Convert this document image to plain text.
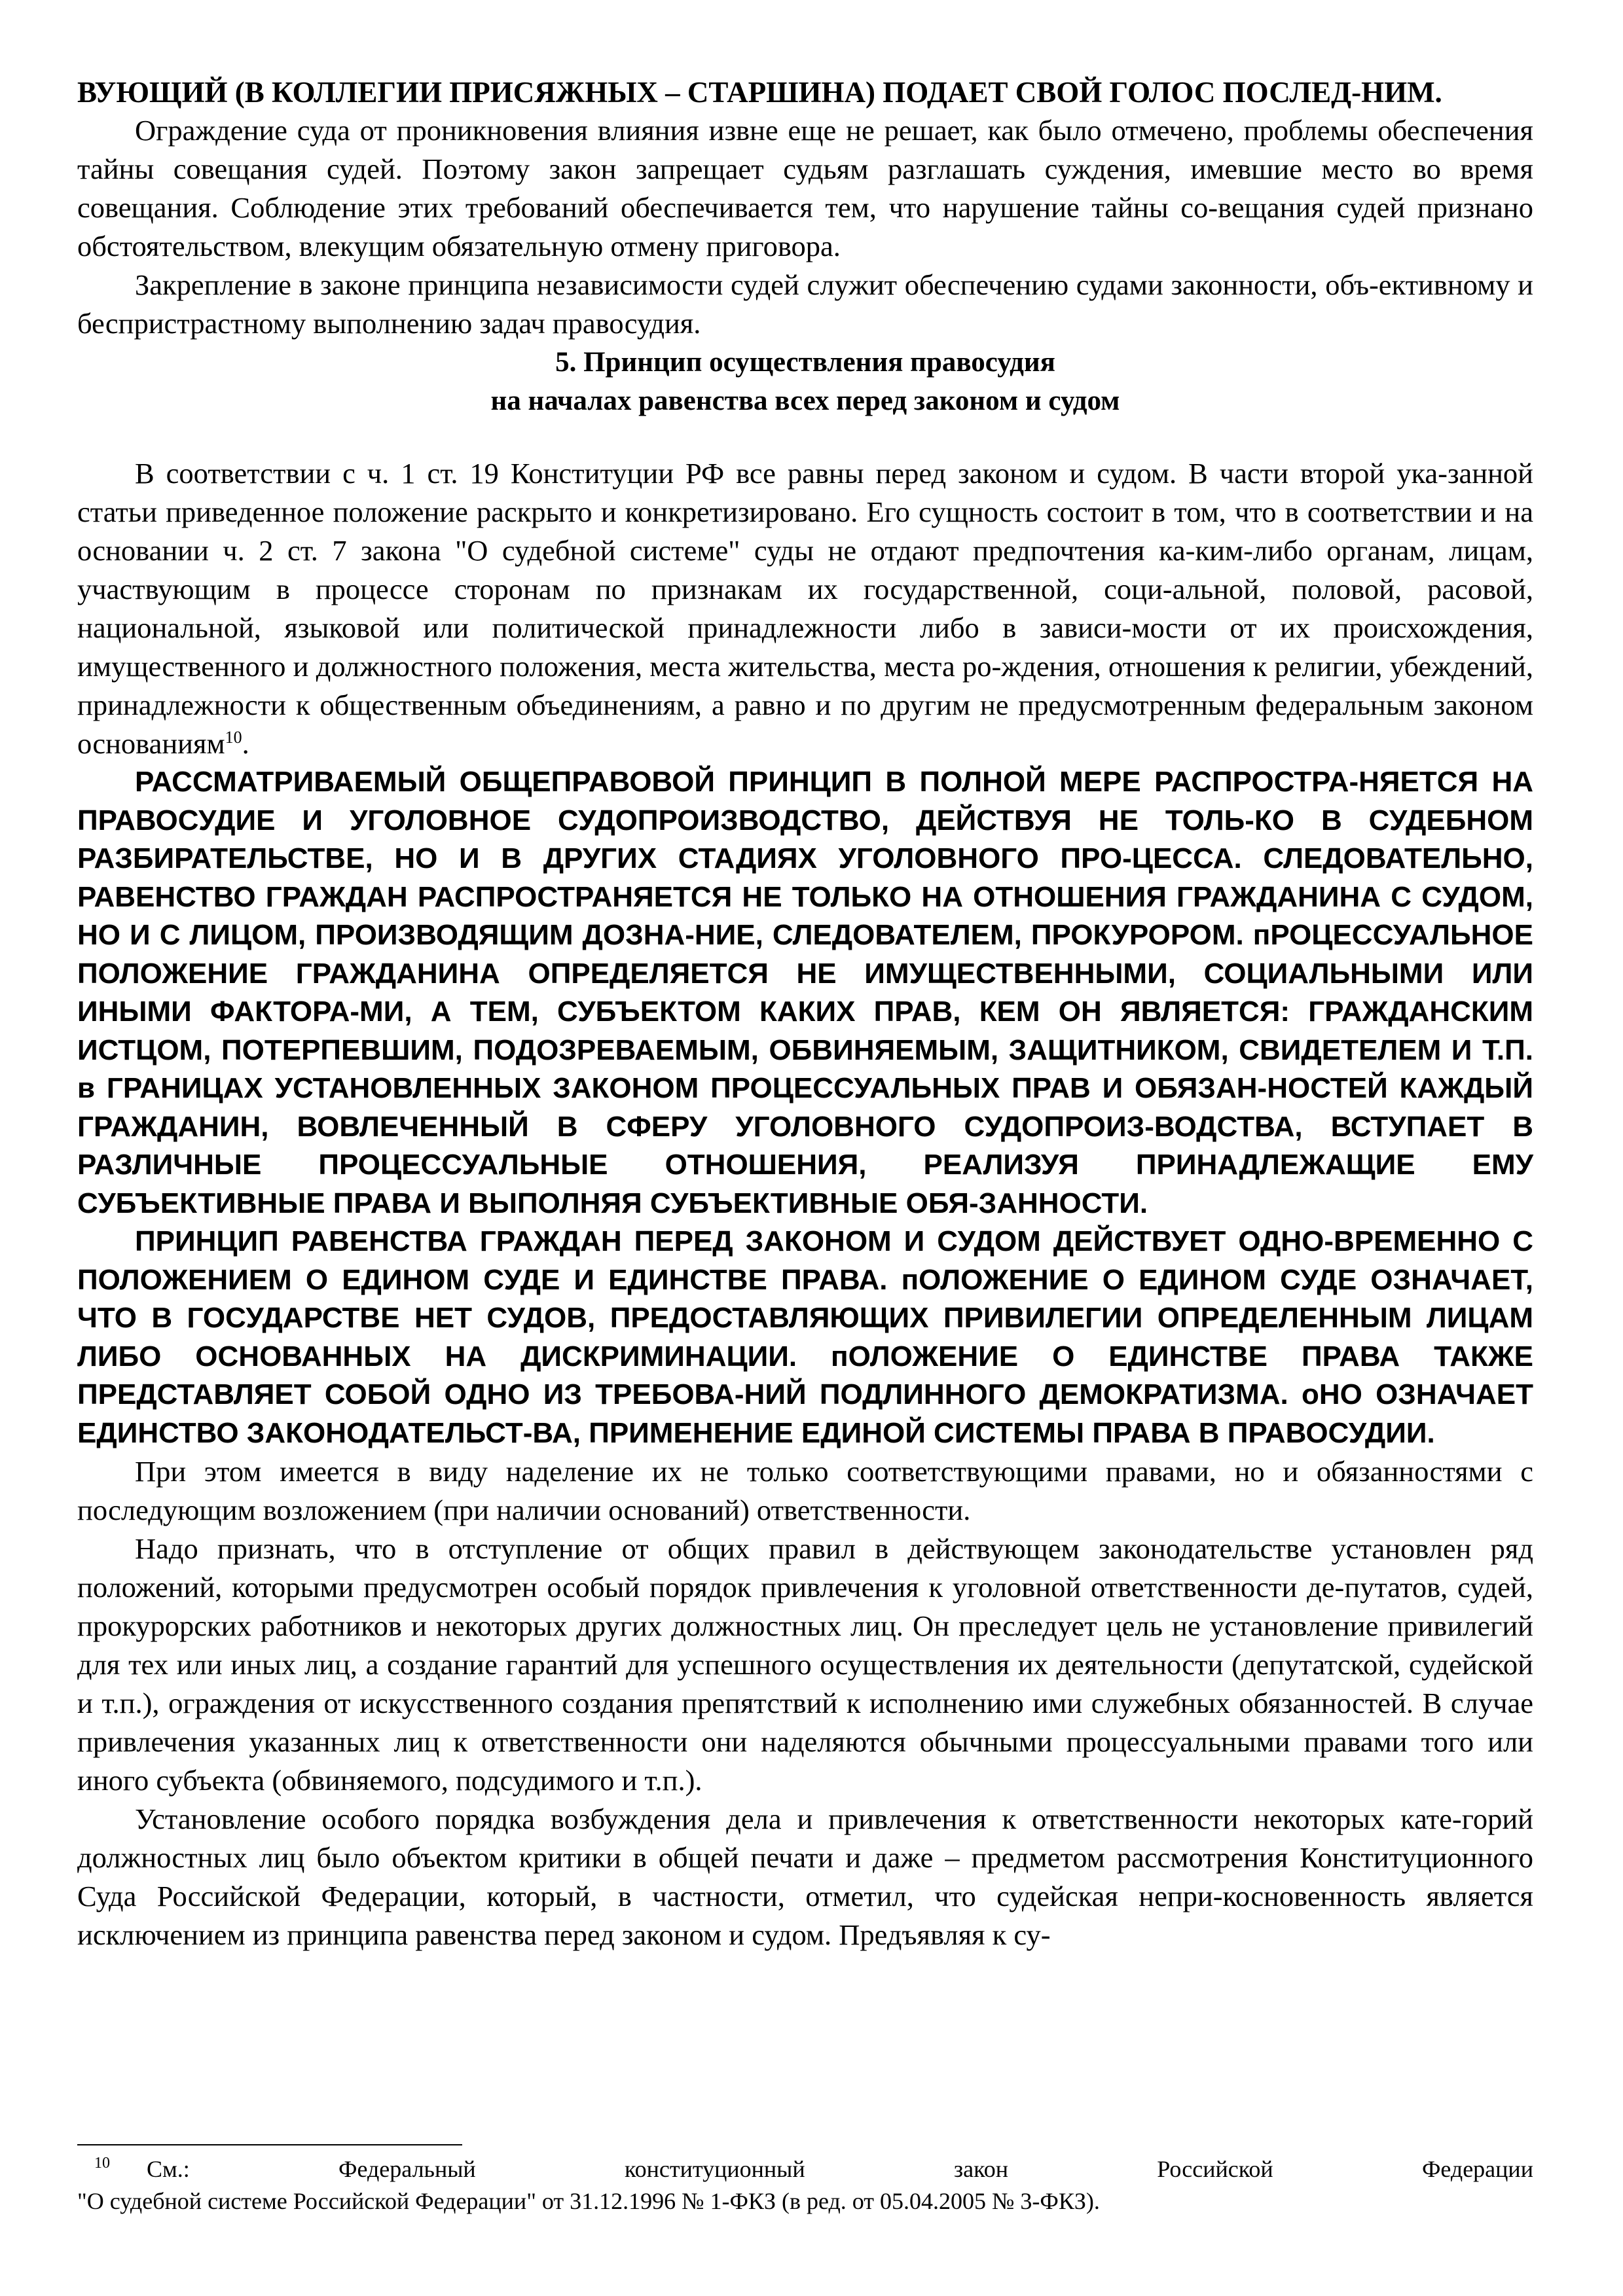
ВУЮЩИЙ (В КОЛЛЕГИИ ПРИСЯЖНЫХ – СТАРШИНА) ПОДАЕТ СВОЙ ГОЛОС ПОСЛЕД-НИМ.

Ограждение суда от проникновения влияния извне еще не решает, как было отмечено, проблемы обеспечения тайны совещания судей. Поэтому закон запрещает судьям разглашать суждения, имевшие место во время совещания. Соблюдение этих требований обеспечивается тем, что нарушение тайны со-вещания судей признано обстоятельством, влекущим обязательную отмену приговора.

Закрепление в законе принципа независимости судей служит обеспечению судами законности, объ-ективному и беспристрастному выполнению задач правосудия.

5. Принцип осуществления правосудия

на началах равенства всех перед законом и судом

В соответствии с ч. 1 ст. 19 Конституции РФ все равны перед законом и судом. В части второй ука-занной статьи приведенное положение раскрыто и конкретизировано. Его сущность состоит в том, что в соответствии и на основании ч. 2 ст. 7 закона "О судебной системе" суды не отдают предпочтения ка-ким-либо органам, лицам, участвующим в процессе сторонам по признакам их государственной, соци-альной, половой, расовой, национальной, языковой или политической принадлежности либо в зависи-мости от их происхождения, имущественного и должностного положения, места жительства, места ро-ждения, отношения к религии, убеждений, принадлежности к общественным объединениям, а равно и по другим не предусмотренным федеральным законом основаниям$^{10}$.

РАССМАТРИВАЕМЫЙ ОБЩЕПРАВОВОЙ ПРИНЦИП В ПОЛНОЙ МЕРЕ РАСПРОСТРА-НЯЕТСЯ НА ПРАВОСУДИЕ И УГОЛОВНОЕ СУДОПРОИЗВОДСТВО, ДЕЙСТВУЯ НЕ ТОЛЬ-КО В СУДЕБНОМ РАЗБИРАТЕЛЬСТВЕ, НО И В ДРУГИХ СТАДИЯХ УГОЛОВНОГО ПРО-ЦЕССА. СЛЕДОВАТЕЛЬНО, РАВЕНСТВО ГРАЖДАН РАСПРОСТРАНЯЕТСЯ НЕ ТОЛЬКО НА ОТНОШЕНИЯ ГРАЖДАНИНА С СУДОМ, НО И С ЛИЦОМ, ПРОИЗВОДЯЩИМ ДОЗНА-НИЕ, СЛЕДОВАТЕЛЕМ, ПРОКУРОРОМ. пРОЦЕССУАЛЬНОЕ ПОЛОЖЕНИЕ ГРАЖДАНИНА ОПРЕДЕЛЯЕТСЯ НЕ ИМУЩЕСТВЕННЫМИ, СОЦИАЛЬНЫМИ ИЛИ ИНЫМИ ФАКТОРА-МИ, А ТЕМ, СУБЪЕКТОМ КАКИХ ПРАВ, КЕМ ОН ЯВЛЯЕТСЯ: ГРАЖДАНСКИМ ИСТЦОМ, ПОТЕРПЕВШИМ, ПОДОЗРЕВАЕМЫМ, ОБВИНЯЕМЫМ, ЗАЩИТНИКОМ, СВИДЕТЕЛЕМ И Т.П. в ГРАНИЦАХ УСТАНОВЛЕННЫХ ЗАКОНОМ ПРОЦЕССУАЛЬНЫХ ПРАВ И ОБЯЗАН-НОСТЕЙ КАЖДЫЙ ГРАЖДАНИН, ВОВЛЕЧЕННЫЙ В СФЕРУ УГОЛОВНОГО СУДОПРОИЗ-ВОДСТВА, ВСТУПАЕТ В РАЗЛИЧНЫЕ ПРОЦЕССУАЛЬНЫЕ ОТНОШЕНИЯ, РЕАЛИЗУЯ ПРИНАДЛЕЖАЩИЕ ЕМУ СУБЪЕКТИВНЫЕ ПРАВА И ВЫПОЛНЯЯ СУБЪЕКТИВНЫЕ ОБЯ-ЗАННОСТИ.

ПРИНЦИП РАВЕНСТВА ГРАЖДАН ПЕРЕД ЗАКОНОМ И СУДОМ ДЕЙСТВУЕТ ОДНО-ВРЕМЕННО С ПОЛОЖЕНИЕМ О ЕДИНОМ СУДЕ И ЕДИНСТВЕ ПРАВА. пОЛОЖЕНИЕ О ЕДИНОМ СУДЕ ОЗНАЧАЕТ, ЧТО В ГОСУДАРСТВЕ НЕТ СУДОВ, ПРЕДОСТАВЛЯЮЩИХ ПРИВИЛЕГИИ ОПРЕДЕЛЕННЫМ ЛИЦАМ ЛИБО ОСНОВАННЫХ НА ДИСКРИМИНАЦИИ. пОЛОЖЕНИЕ О ЕДИНСТВЕ ПРАВА ТАКЖЕ ПРЕДСТАВЛЯЕТ СОБОЙ ОДНО ИЗ ТРЕБОВА-НИЙ ПОДЛИННОГО ДЕМОКРАТИЗМА. оНО ОЗНАЧАЕТ ЕДИНСТВО ЗАКОНОДАТЕЛЬСТ-ВА, ПРИМЕНЕНИЕ ЕДИНОЙ СИСТЕМЫ ПРАВА В ПРАВОСУДИИ.

При этом имеется в виду наделение их не только соответствующими правами, но и обязанностями с последующим возложением (при наличии оснований) ответственности.

Надо признать, что в отступление от общих правил в действующем законодательстве установлен ряд положений, которыми предусмотрен особый порядок привлечения к уголовной ответственности де-путатов, судей, прокурорских работников и некоторых других должностных лиц. Он преследует цель не установление привилегий для тех или иных лиц, а создание гарантий для успешного осуществления их деятельности (депутатской, судейской и т.п.), ограждения от искусственного создания препятствий к исполнению ими служебных обязанностей. В случае привлечения указанных лиц к ответственности они наделяются обычными процессуальными правами того или иного субъекта (обвиняемого, подсудимого и т.п.).

Установление особого порядка возбуждения дела и привлечения к ответственности некоторых кате-горий должностных лиц было объектом критики в общей печати и даже – предметом рассмотрения Конституционного Суда Российской Федерации, который, в частности, отметил, что судейская непри-косновенность является исключением из принципа равенства перед законом и судом. Предъявляя к су-

10 См.:	Федеральный	конституционный	закон	Российской	Федерации
"О судебной системе Российской Федерации" от 31.12.1996 № 1-ФКЗ (в ред. от 05.04.2005 № 3-ФКЗ).
